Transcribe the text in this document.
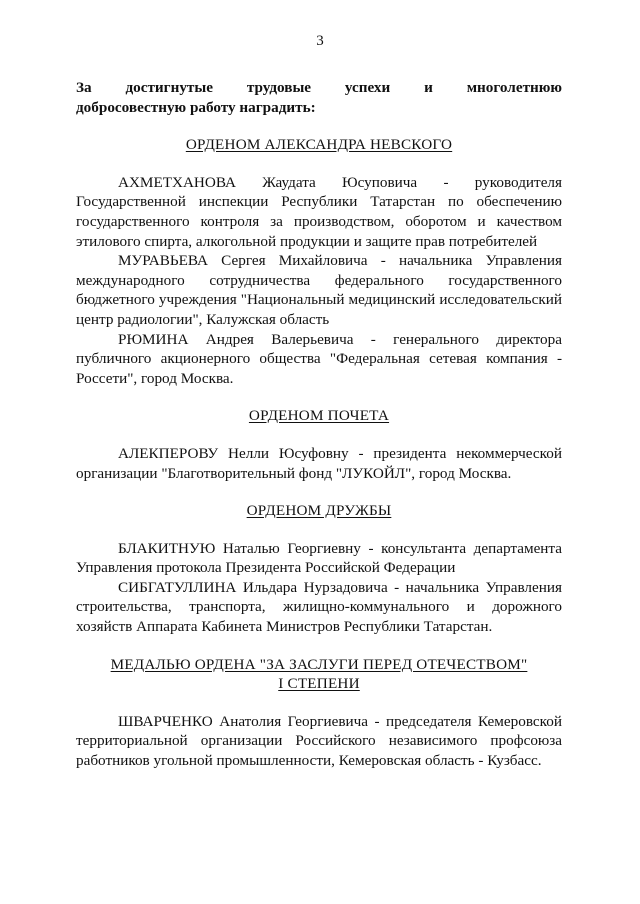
3
За достигнутые трудовые успехи и многолетнюю
добросовестную работу наградить:
ОРДЕНОМ АЛЕКСАНДРА НЕВСКОГО
АХМЕТХАНОВА Жаудата Юсуповича - руководителя Государственной инспекции Республики Татарстан по обеспечению государственного контроля за производством, оборотом и качеством этилового спирта, алкогольной продукции и защите прав потребителей
МУРАВЬЕВА Сергея Михайловича - начальника Управления международного сотрудничества федерального государственного бюджетного учреждения "Национальный медицинский исследовательский центр радиологии", Калужская область
РЮМИНА Андрея Валерьевича - генерального директора публичного акционерного общества "Федеральная сетевая компания - Россети", город Москва.
ОРДЕНОМ ПОЧЕТА
АЛЕКПЕРОВУ Нелли Юсуфовну - президента некоммерческой организации "Благотворительный фонд "ЛУКОЙЛ", город Москва.
ОРДЕНОМ ДРУЖБЫ
БЛАКИТНУЮ Наталью Георгиевну - консультанта департамента Управления протокола Президента Российской Федерации
СИБГАТУЛЛИНА Ильдара Нурзадовича - начальника Управления строительства, транспорта, жилищно-коммунального и дорожного хозяйств Аппарата Кабинета Министров Республики Татарстан.
МЕДАЛЬЮ ОРДЕНА "ЗА ЗАСЛУГИ ПЕРЕД ОТЕЧЕСТВОМ"
I СТЕПЕНИ
ШВАРЧЕНКО Анатолия Георгиевича - председателя Кемеровской территориальной организации Российского независимого профсоюза работников угольной промышленности, Кемеровская область - Кузбасс.
